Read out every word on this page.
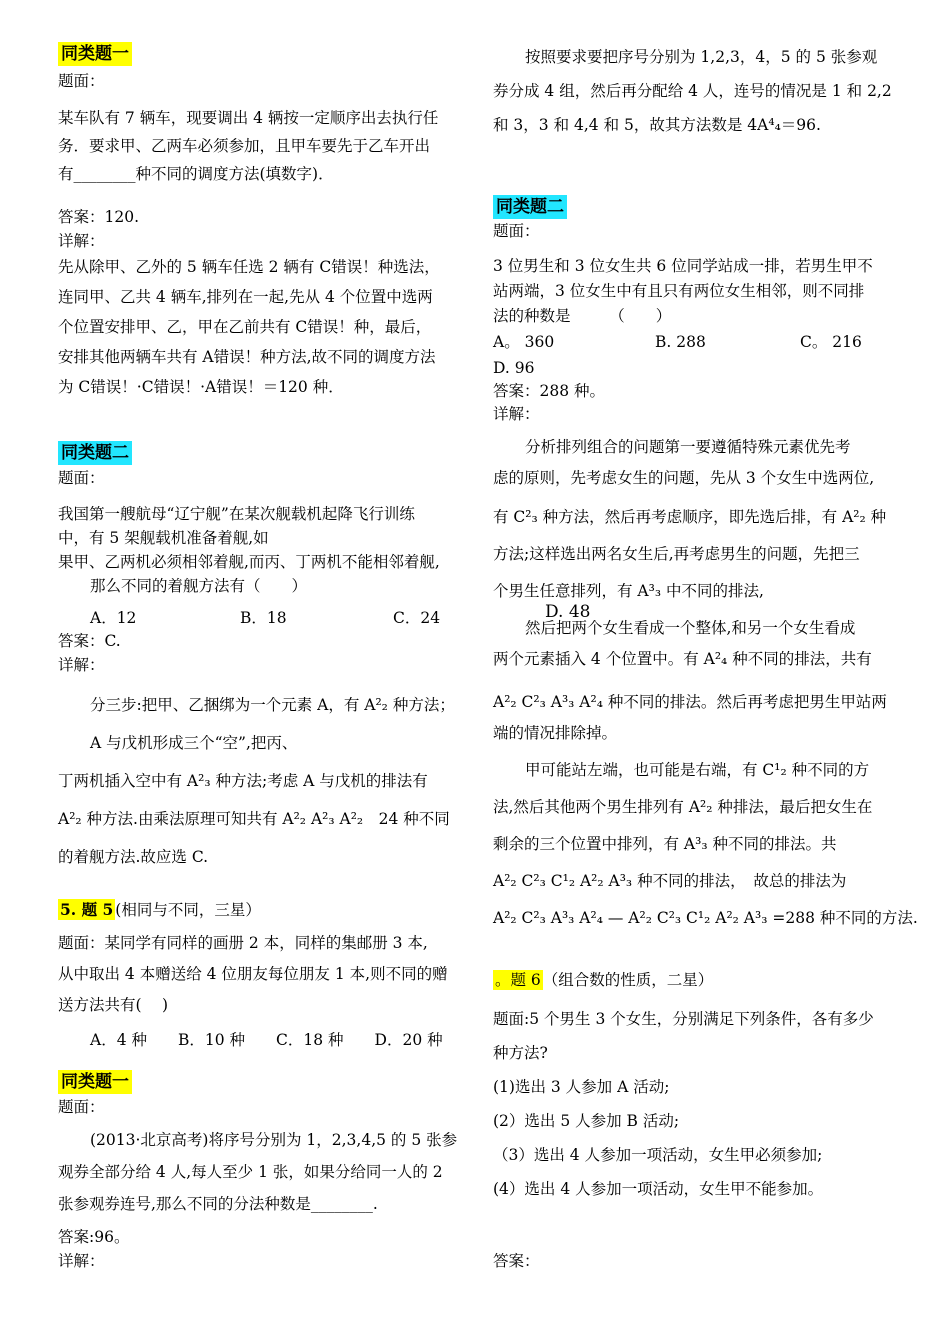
同类题一
题面：
某车队有 7 辆车，现要调出 4 辆按一定顺序出去执行任
务．要求甲、乙两车必须参加，且甲车要先于乙车开出
有________种不同的调度方法(填数字)．
答案：120.
详解：
先从除甲、乙外的 5 辆车任选 2 辆有 C错误！种选法，
连同甲、乙共 4 辆车,排列在一起,先从 4 个位置中选两
个位置安排甲、乙，甲在乙前共有 C错误！种，最后，
安排其他两辆车共有 A错误！种方法,故不同的调度方法
为 C错误！·C错误！·A错误！＝120 种．
同类题二
题面：
我国第一艘航母“辽宁舰”在某次舰载机起降飞行训练
中，有 5 架舰载机准备着舰,如
果甲、乙两机必须相邻着舰,而丙、丁两机不能相邻着舰,
那么不同的着舰方法有（　　）
A．12	B．18	C．24
答案：C.
详解：
分三步:把甲、乙捆绑为一个元素 A，有 A²₂ 种方法；
A 与戊机形成三个“空”,把丙、
丁两机插入空中有 A²₃ 种方法;考虑 A 与戊机的排法有
A²₂ 种方法.由乘法原理可知共有 A²₂ A²₃ A²₂　24 种不同
的着舰方法.故应选 C.
5. 题 5 (相同与不同，三星）
题面：某同学有同样的画册 2 本，同样的集邮册 3 本,
从中取出 4 本赠送给 4 位朋友每位朋友 1 本,则不同的赠
送方法共有(　 )
A．4 种　　B．10 种　　C．18 种　　D．20 种
同类题一
题面：
(2013·北京高考)将序号分别为 1，2,3,4,5 的 5 张参
观券全部分给 4 人,每人至少 1 张，如果分给同一人的 2
张参观券连号,那么不同的分法种数是________.
答案:96。
详解：
按照要求要把序号分别为 1,2,3，4，5 的 5 张参观
券分成 4 组，然后再分配给 4 人，连号的情况是 1 和 2,2
和 3，3 和 4,4 和 5，故其方法数是 4A⁴₄＝96.
同类题二
题面：
3 位男生和 3 位女生共 6 位同学站成一排，若男生甲不
站两端，3 位女生中有且只有两位女生相邻，则不同排
法的种数是　　　（　　）
A。 360	B. 288	C。 216
D. 96
答案：288 种。
详解：
分析排列组合的问题第一要遵循特殊元素优先考
虑的原则，先考虑女生的问题，先从 3 个女生中选两位,
有 C²₃ 种方法，然后再考虑顺序，即先选后排，有 A²₂ 种
方法;这样选出两名女生后,再考虑男生的问题，先把三
个男生任意排列，有 A³₃ 中不同的排法,
然后把两个女生看成一个整体,和另一个女生看成
两个元素插入 4 个位置中。有 A²₄ 种不同的排法，共有
A²₂ C²₃ A³₃ A²₄ 种不同的排法。然后再考虑把男生甲站两
端的情况排除掉。
甲可能站左端，也可能是右端，有 C¹₂ 种不同的方
法,然后其他两个男生排列有 A²₂ 种排法，最后把女生在
剩余的三个位置中排列，有 A³₃ 种不同的排法。共
A²₂ C²₃ C¹₂ A²₂ A³₃ 种不同的排法，　故总的排法为
A²₂ C²₃ A³₃ A²₄ — A²₂ C²₃ C¹₂ A²₂ A³₃ =288 种不同的方法.
D. 48
。题 6 （组合数的性质，二星）
题面:5 个男生 3 个女生，分别满足下列条件，各有多少
种方法?
(1)选出 3 人参加 A 活动;
(2）选出 5 人参加 B 活动;
（3）选出 4 人参加一项活动，女生甲必须参加;
(4）选出 4 人参加一项活动，女生甲不能参加。
答案：
